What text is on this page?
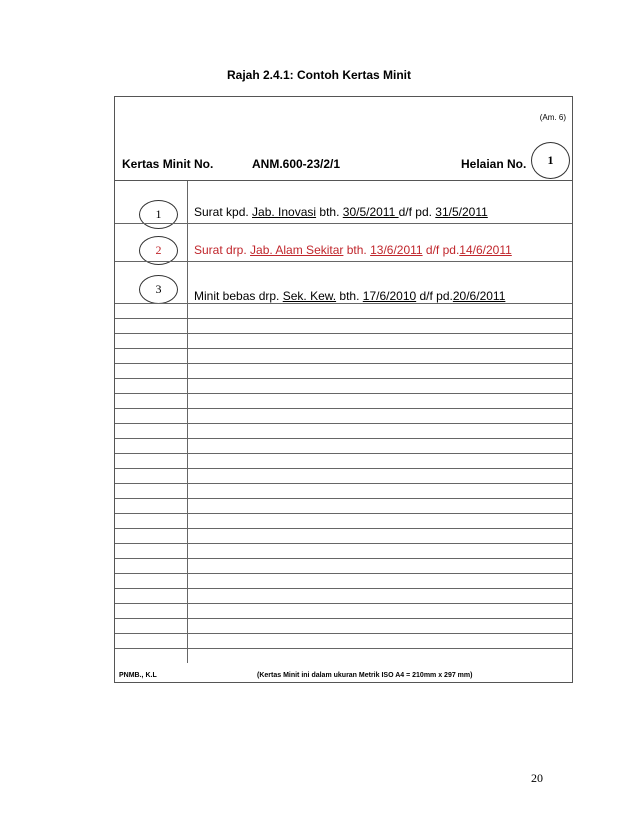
Rajah 2.4.1: Contoh Kertas Minit
(Am. 6)
Kertas Minit No.	ANM.600-23/2/1	Helaian No.	1
1	Surat kpd. Jab. Inovasi bth. 30/5/2011 d/f pd. 31/5/2011
2	Surat drp. Jab. Alam Sekitar bth. 13/6/2011 d/f pd.14/6/2011
3	Minit bebas drp. Sek. Kew. bth. 17/6/2010 d/f pd.20/6/2011
PNMB., K.L	(Kertas Minit ini dalam ukuran Metrik ISO A4 = 210mm x 297 mm)
20
